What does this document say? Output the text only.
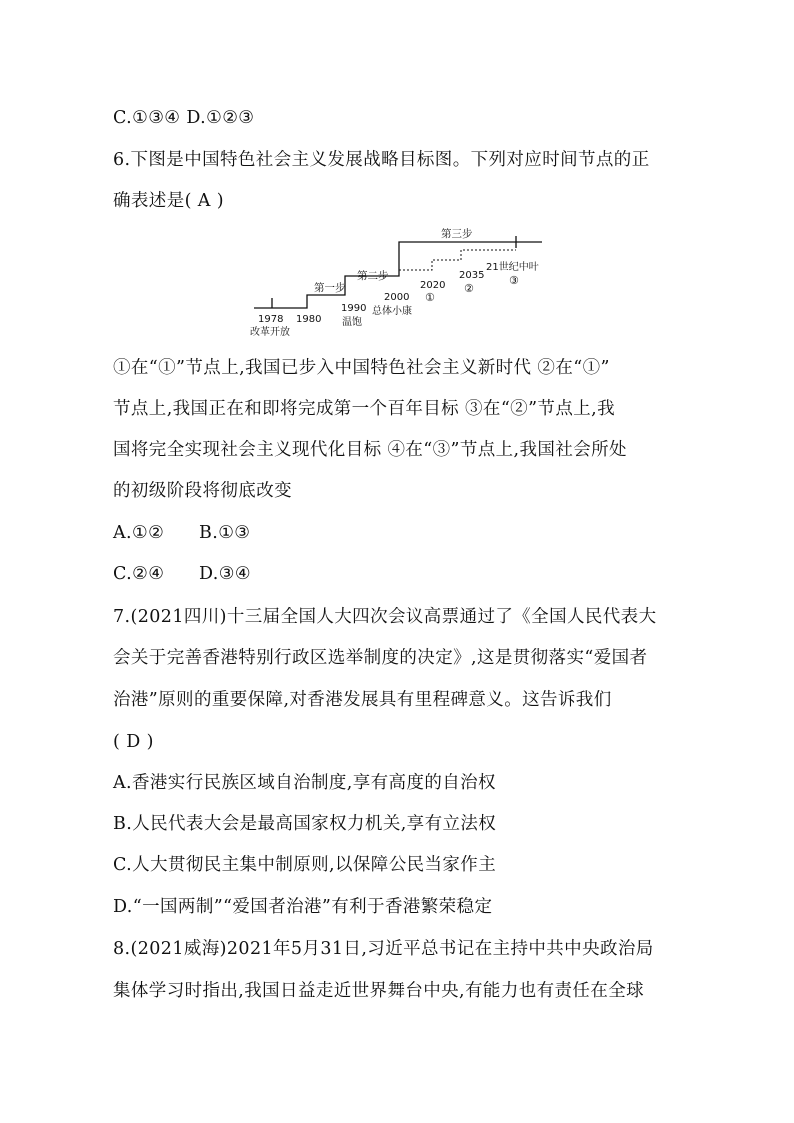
C.①③④ D.①②③
6.下图是中国特色社会主义发展战略目标图。下列对应时间节点的正
确表述是( A )
第一步
第二步
第三步
1978
改革开放
1980
1990
温饱
2000
总体小康
2020
①
2035
②
21世纪中叶
③
①在“①”节点上,我国已步入中国特色社会主义新时代 ②在“①”
节点上,我国正在和即将完成第一个百年目标 ③在“②”节点上,我
国将完全实现社会主义现代化目标 ④在“③”节点上,我国社会所处
的初级阶段将彻底改变
A.①② B.①③
C.②④ D.③④
7.(2021四川)十三届全国人大四次会议高票通过了《全国人民代表大
会关于完善香港特别行政区选举制度的决定》,这是贯彻落实“爱国者
治港”原则的重要保障,对香港发展具有里程碑意义。这告诉我们
( D )
A.香港实行民族区域自治制度,享有高度的自治权
B.人民代表大会是最高国家权力机关,享有立法权
C.人大贯彻民主集中制原则,以保障公民当家作主
D.“一国两制”“爱国者治港”有利于香港繁荣稳定
8.(2021威海)2021年5月31日,习近平总书记在主持中共中央政治局
集体学习时指出,我国日益走近世界舞台中央,有能力也有责任在全球
